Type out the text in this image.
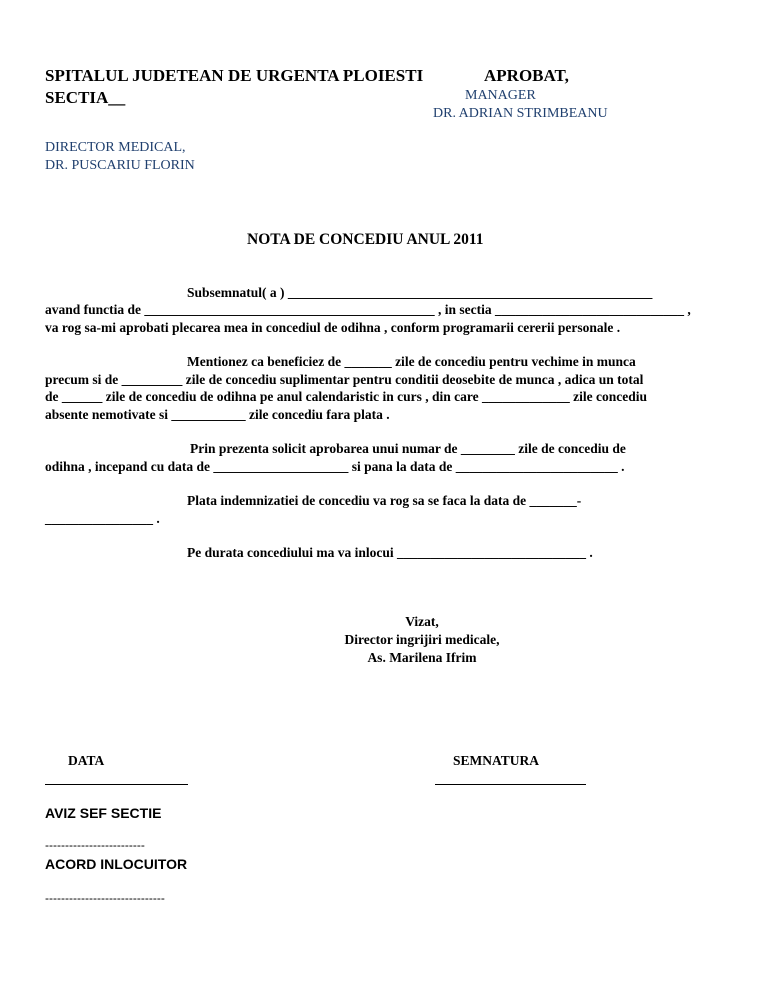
SPITALUL JUDETEAN DE URGENTA PLOIESTI	APROBAT,
SECTIA__	MANAGER
DR. ADRIAN STRIMBEANU
DIRECTOR MEDICAL,
DR. PUSCARIU FLORIN
NOTA DE CONCEDIU ANUL 2011
Subsemnatul( a ) ______________________________________________________
avand functia de ___________________________________________ , in sectia ____________________________ ,
va rog sa-mi aprobati plecarea mea in concediul de odihna , conform programarii cererii personale .
Mentionez ca beneficiez de _______ zile de concediu pentru vechime in munca
precum si de _________ zile de concediu suplimentar pentru conditii deosebite de munca , adica un total
de ______ zile de concediu de odihna pe anul calendaristic in curs , din care _____________ zile concediu
absente nemotivate si ___________ zile concediu fara plata .
Prin prezenta solicit aprobarea unui numar de ________ zile de concediu de
odihna , incepand cu data de ____________________ si pana la data de ________________________ .
Plata indemnizatiei de concediu va rog sa se faca la data de _______-
________________ .
Pe durata concediului ma va inlocui ____________________________ .
Vizat,
Director ingrijiri medicale,
As. Marilena Ifrim
DATA	SEMNATURA
AVIZ SEF SECTIE
-------------------------
ACORD INLOCUITOR
------------------------------
